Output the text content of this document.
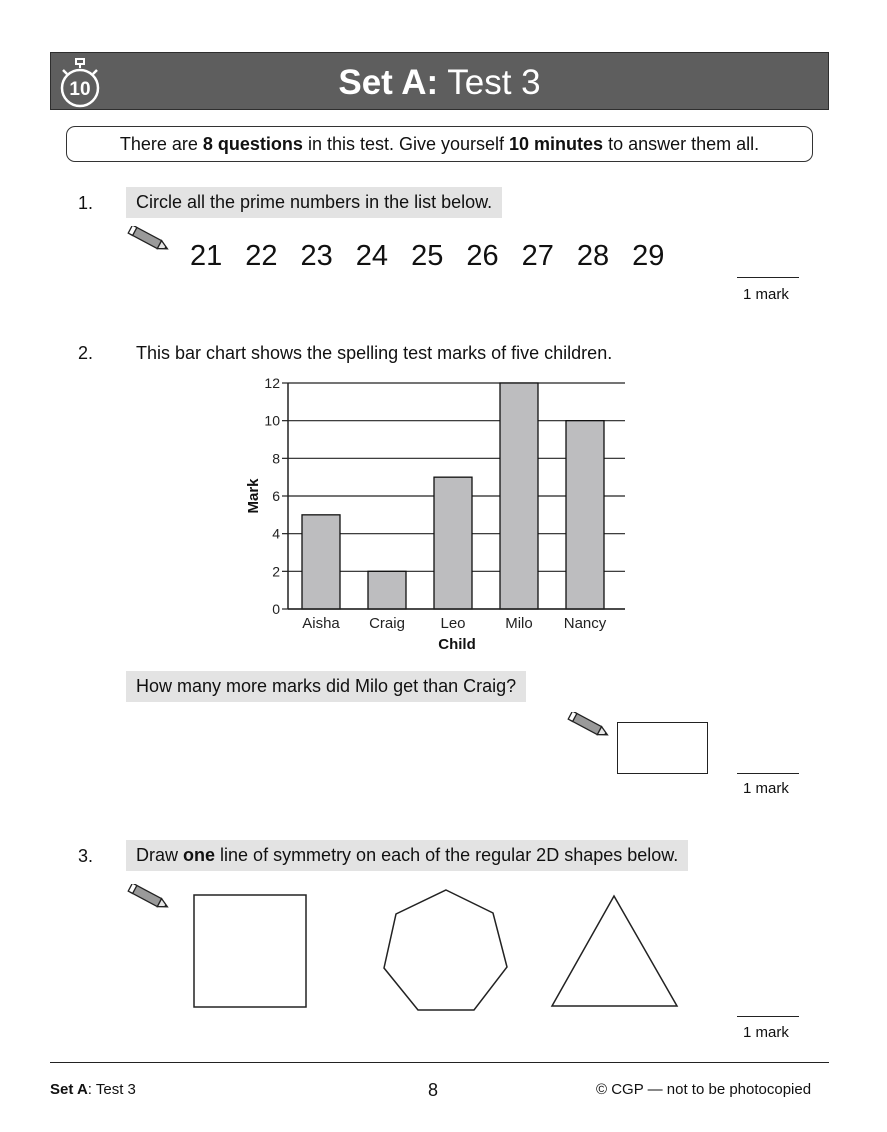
10	Set A: Test 3
There are 8 questions in this test. Give yourself 10 minutes to answer them all.
1.	Circle all the prime numbers in the list below.
21 22 23 24 25 26 27 28 29
1 mark
2. This bar chart shows the spelling test marks of five children.
0
2
4
6
8
10
12
Aisha Craig Leo	Milo Nancy
Child
Mark
How many more marks did Milo get than Craig?
1 mark
3.	Draw one line of symmetry on each of the regular 2D shapes below.
1 mark
Set A: Test 3	8	© CGP — not to be photocopied
